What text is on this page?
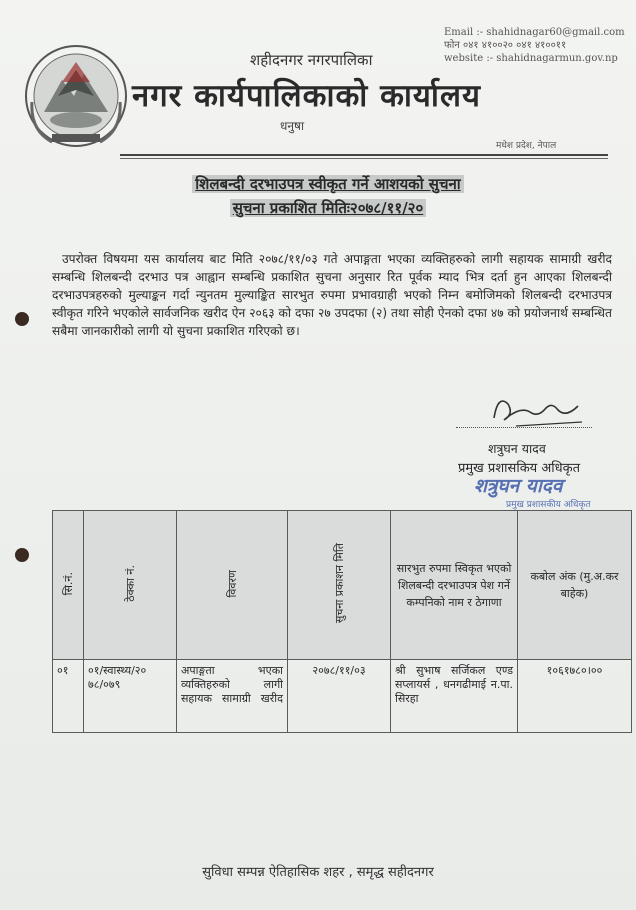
शहीदनगर नगरपालिका
नगर कार्यपालिकाको कार्यालय
धनुषा
Email :- shahidnagar60@gmail.com
फोन ०४१ ४१००२० ०४१ ४१००११
website :- shahidnagarmun.gov.np
मधेश प्रदेश, नेपाल
शिलबन्दी दरभाउपत्र स्वीकृत गर्ने आशयको सुचना
सुचना प्रकाशित मितिः२०७८/११/२०
उपरोक्त विषयमा यस कार्यालय बाट मिति २०७८/११/०३ गते अपाङ्गता भएका व्यक्तिहरुको लागी सहायक सामाग्री खरीद सम्बन्धि शिलबन्दी दरभाउ पत्र आह्वान सम्बन्धि प्रकाशित सुचना अनुसार रित पूर्वक म्याद भित्र दर्ता हुन आएका शिलबन्दी दरभाउपत्रहरुको मुल्याङ्कन गर्दा न्युनतम मुल्याङ्कित सारभुत रुपमा प्रभावग्राही भएको निम्न बमोजिमको शिलबन्दी दरभाउपत्र स्वीकृत गरिने भएकोले सार्वजनिक खरीद ऐन २०६३ को दफा २७ उपदफा (२) तथा सोही ऐनको दफा ४७ को प्रयोजनार्थ सम्बन्धित सबैमा जानकारीको लागी यो सुचना प्रकाशित गरिएको छ।
शत्रुघन यादव
प्रमुख प्रशासकिय अधिकृत
शत्रुघन यादव
प्रमुख प्रशासकीय अधिकृत
सि.नं.	ठेक्का नं.	विवरण	सुचना प्रकाशन मिति	सारभुत रुपमा स्विकृत भएको शिलबन्दी दरभाउपत्र पेश गर्ने कम्पनिको नाम र ठेगाणा	कबोल अंक (मु.अ.कर बाहेक)
०१	०१/स्वास्थ्य/२० ७८/०७९	अपाङ्गता भएका व्यक्तिहरुको लागी सहायक सामाग्री खरीद	२०७८/११/०३	श्री सुभाष सर्जिकल एण्ड सप्लायर्स , धनगढीमाई न.पा. सिरहा	१०६१७८०।००
सुविधा सम्पन्न ऐतिहासिक शहर , समृद्ध सहीदनगर
